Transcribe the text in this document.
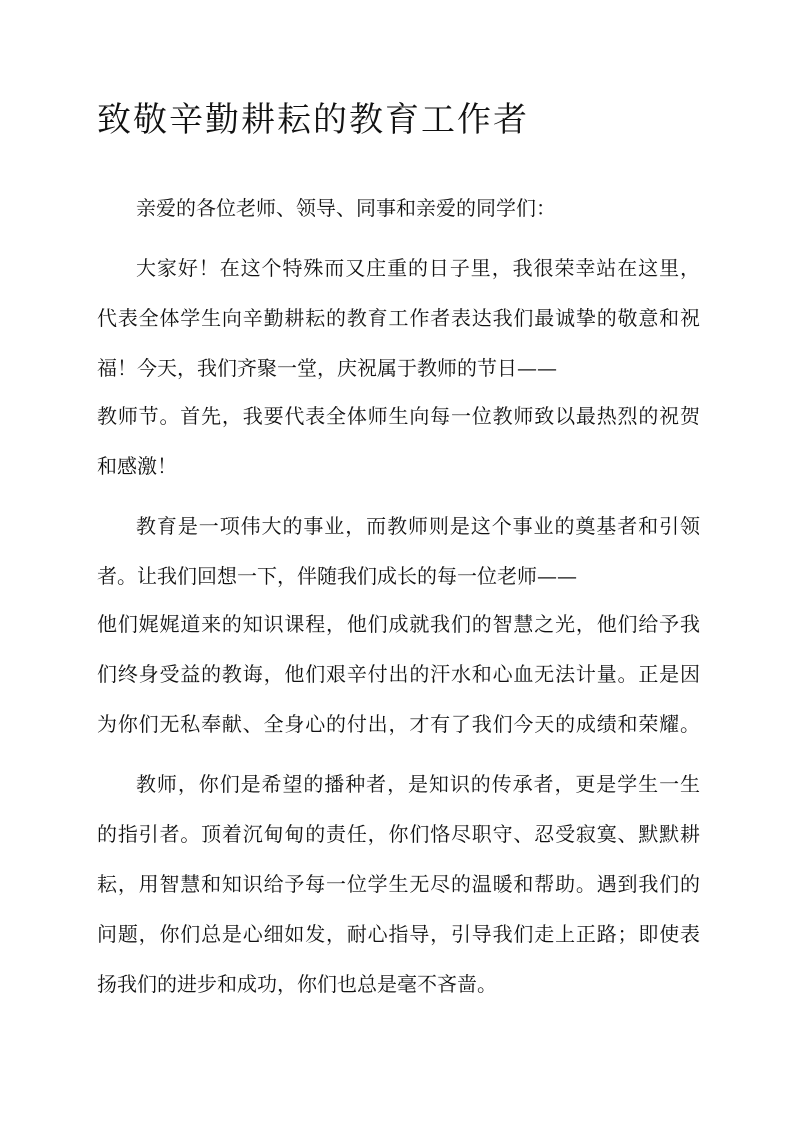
致敬辛勤耕耘的教育工作者

亲爱的各位老师、领导、同事和亲爱的同学们：

大家好！在这个特殊而又庄重的日子里，我很荣幸站在这里，

代表全体学生向辛勤耕耘的教育工作者表达我们最诚挚的敬意和祝

福！今天，我们齐聚一堂，庆祝属于教师的节日——

教师节。首先，我要代表全体师生向每一位教师致以最热烈的祝贺

和感激！

教育是一项伟大的事业，而教师则是这个事业的奠基者和引领

者。让我们回想一下，伴随我们成长的每一位老师——

他们娓娓道来的知识课程，他们成就我们的智慧之光，他们给予我

们终身受益的教诲，他们艰辛付出的汗水和心血无法计量。正是因

为你们无私奉献、全身心的付出，才有了我们今天的成绩和荣耀。

教师，你们是希望的播种者，是知识的传承者，更是学生一生

的指引者。顶着沉甸甸的责任，你们恪尽职守、忍受寂寞、默默耕

耘，用智慧和知识给予每一位学生无尽的温暖和帮助。遇到我们的

问题，你们总是心细如发，耐心指导，引导我们走上正路；即使表

扬我们的进步和成功，你们也总是毫不吝啬。
